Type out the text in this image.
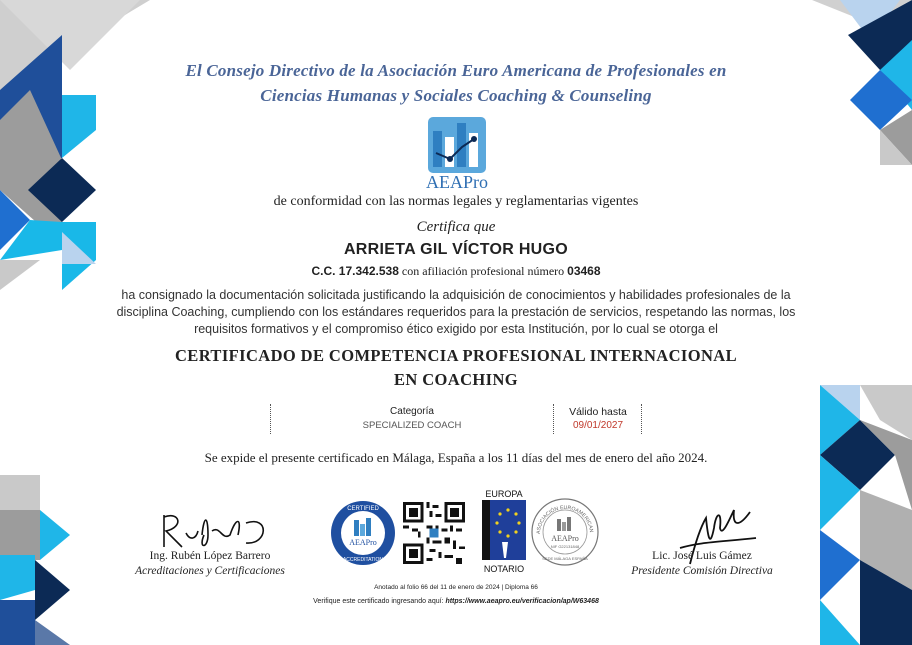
El Consejo Directivo de la Asociación Euro Americana de Profesionales en
Ciencias Humanas y Sociales Coaching & Counseling
AEAPro
de conformidad con las normas legales y reglamentarias vigentes
Certifica que
ARRIETA GIL VÍCTOR HUGO
C.C. 17.342.538 con afiliación profesional número 03468
ha consignado la documentación solicitada justificando la adquisición de conocimientos y habilidades profesionales de la
disciplina Coaching, cumpliendo con los estándares requeridos para la prestación de servicios, respetando las normas, los
requisitos formativos y el compromiso ético exigido por esta Institución, por lo cual se otorga el
CERTIFICADO DE COMPETENCIA PROFESIONAL INTERNACIONAL
EN COACHING
Categoría
SPECIALIZED COACH
Válido hasta
09/01/2027
Se expide el presente certificado en Málaga, España a los 11 días del mes de enero del año 2024.
Ing. Rubén López Barrero
Acreditaciones y Certificaciones
Lic. José Luis Gámez
Presidente Comisión Directiva
AEAPro
CERTIFIED
ACCREDITATION
EUROPA
NOTARIO
ASOCIACIÓN EUROAMERICAN
AEAPro
NIF G22131848
SEDE MÁLAGA ESPAÑA
Anotado al folio 66 del 11 de enero de 2024 | Diploma 66
Verifique este certificado ingresando aquí: https://www.aeapro.eu/verificacion/ap/W63468
